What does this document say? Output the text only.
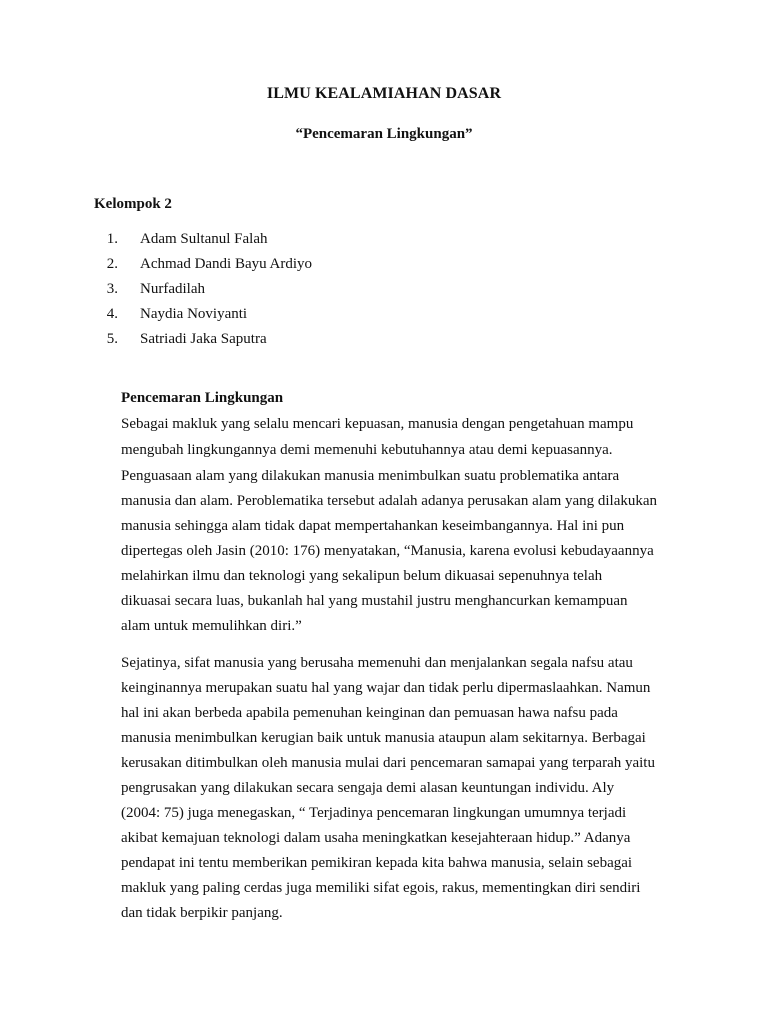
ILMU KEALAMIAHAN DASAR
“Pencemaran Lingkungan”
Kelompok 2
1. Adam Sultanul Falah
2. Achmad Dandi Bayu Ardiyo
3. Nurfadilah
4. Naydia Noviyanti
5. Satriadi Jaka Saputra
Pencemaran Lingkungan
Sebagai makluk yang selalu mencari kepuasan, manusia dengan pengetahuan mampu
mengubah lingkungannya demi memenuhi kebutuhannya atau demi kepuasannya.
Penguasaan alam yang dilakukan manusia menimbulkan suatu problematika antara
manusia dan alam. Peroblematika tersebut adalah adanya perusakan alam yang dilakukan
manusia sehingga alam tidak dapat mempertahankan keseimbangannya. Hal ini pun
dipertegas oleh Jasin (2010: 176) menyatakan, “Manusia, karena evolusi kebudayaannya
melahirkan ilmu dan teknologi yang sekalipun belum dikuasai sepenuhnya telah
dikuasai secara luas, bukanlah hal yang mustahil justru menghancurkan kemampuan
alam untuk memulihkan diri.”
Sejatinya, sifat manusia yang berusaha memenuhi dan menjalankan segala nafsu atau
keinginannya merupakan suatu hal yang wajar dan tidak perlu dipermaslaahkan. Namun
hal ini akan berbeda apabila pemenuhan keinginan dan pemuasan hawa nafsu pada
manusia menimbulkan kerugian baik untuk manusia ataupun alam sekitarnya. Berbagai
kerusakan ditimbulkan oleh manusia mulai dari pencemaran samapai yang terparah yaitu
pengrusakan yang dilakukan secara sengaja demi alasan keuntungan individu. Aly
(2004: 75) juga menegaskan, “ Terjadinya pencemaran lingkungan umumnya terjadi
akibat kemajuan teknologi dalam usaha meningkatkan kesejahteraan hidup.” Adanya
pendapat ini tentu memberikan pemikiran kepada kita bahwa manusia, selain sebagai
makluk yang paling cerdas juga memiliki sifat egois, rakus, mementingkan diri sendiri
dan tidak berpikir panjang.
